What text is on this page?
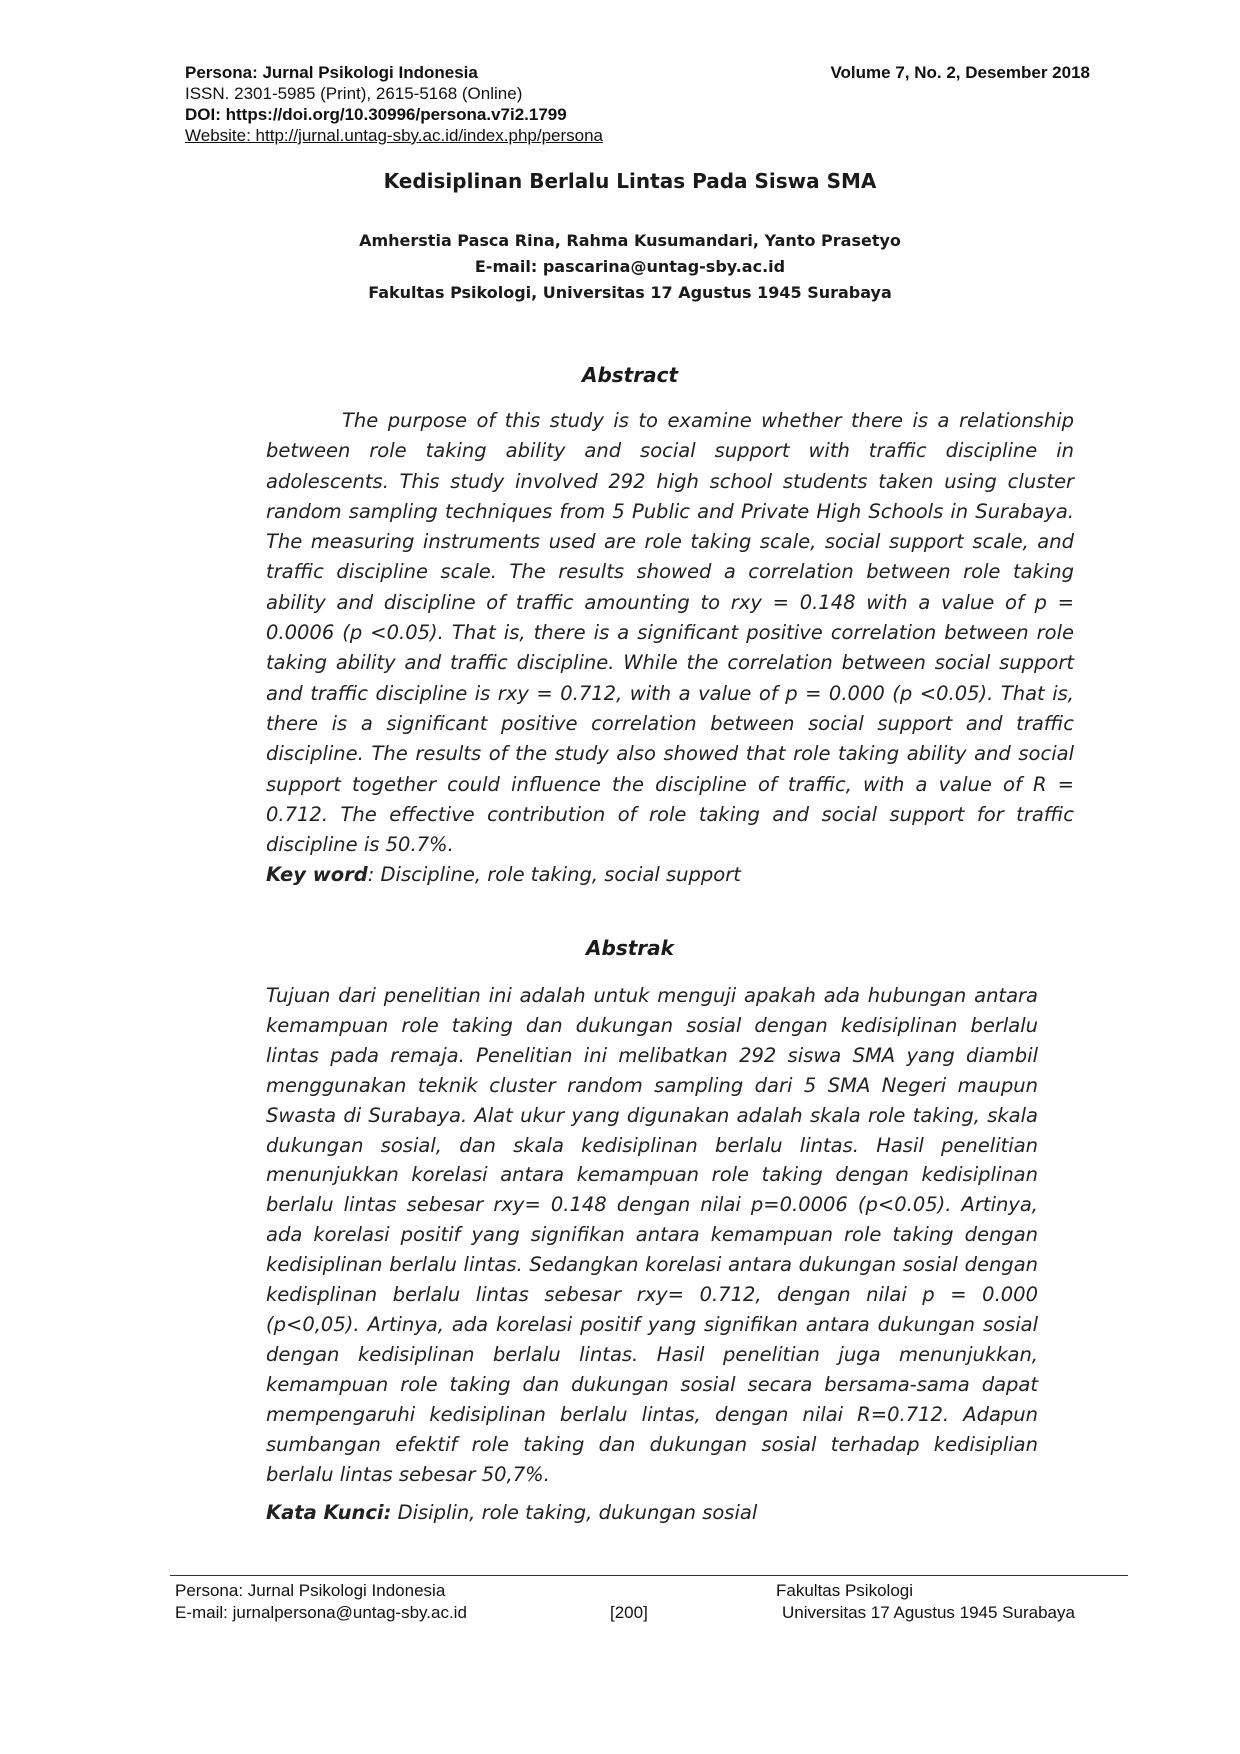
Persona: Jurnal Psikologi Indonesia
ISSN. 2301-5985 (Print), 2615-5168 (Online)
DOI: https://doi.org/10.30996/persona.v7i2.1799
Website: http://jurnal.untag-sby.ac.id/index.php/persona
Volume 7, No. 2, Desember 2018
Kedisiplinan Berlalu Lintas Pada Siswa SMA
Amherstia Pasca Rina, Rahma Kusumandari, Yanto Prasetyo
E-mail: pascarina@untag-sby.ac.id
Fakultas Psikologi, Universitas 17 Agustus 1945 Surabaya
Abstract
The purpose of this study is to examine whether there is a relationship between role taking ability and social support with traffic discipline in adolescents. This study involved 292 high school students taken using cluster random sampling techniques from 5 Public and Private High Schools in Surabaya. The measuring instruments used are role taking scale, social support scale, and traffic discipline scale. The results showed a correlation between role taking ability and discipline of traffic amounting to rxy = 0.148 with a value of p = 0.0006 (p <0.05). That is, there is a significant positive correlation between role taking ability and traffic discipline. While the correlation between social support and traffic discipline is rxy = 0.712, with a value of p = 0.000 (p <0.05). That is, there is a significant positive correlation between social support and traffic discipline. The results of the study also showed that role taking ability and social support together could influence the discipline of traffic, with a value of R = 0.712. The effective contribution of role taking and social support for traffic discipline is 50.7%.
Key word: Discipline, role taking, social support
Abstrak
Tujuan dari penelitian ini adalah untuk menguji apakah ada hubungan antara kemampuan role taking dan dukungan sosial dengan kedisiplinan berlalu lintas pada remaja. Penelitian ini melibatkan 292 siswa SMA yang diambil menggunakan teknik cluster random sampling dari 5 SMA Negeri maupun Swasta di Surabaya. Alat ukur yang digunakan adalah skala role taking, skala dukungan sosial, dan skala kedisiplinan berlalu lintas. Hasil penelitian menunjukkan korelasi antara kemampuan role taking dengan kedisiplinan berlalu lintas sebesar rxy= 0.148 dengan nilai p=0.0006 (p<0.05). Artinya, ada korelasi positif yang signifikan antara kemampuan role taking dengan kedisiplinan berlalu lintas. Sedangkan korelasi antara dukungan sosial dengan kedisplinan berlalu lintas sebesar rxy= 0.712, dengan nilai p = 0.000 (p<0,05). Artinya, ada korelasi positif yang signifikan antara dukungan sosial dengan kedisiplinan berlalu lintas. Hasil penelitian juga menunjukkan, kemampuan role taking dan dukungan sosial secara bersama-sama dapat mempengaruhi kedisiplinan berlalu lintas, dengan nilai R=0.712. Adapun sumbangan efektif role taking dan dukungan sosial terhadap kedisiplian berlalu lintas sebesar 50,7%.
Kata Kunci: Disiplin, role taking, dukungan sosial
Persona: Jurnal Psikologi Indonesia
E-mail: jurnalpersona@untag-sby.ac.id	[200]
Fakultas Psikologi
Universitas 17 Agustus 1945 Surabaya
